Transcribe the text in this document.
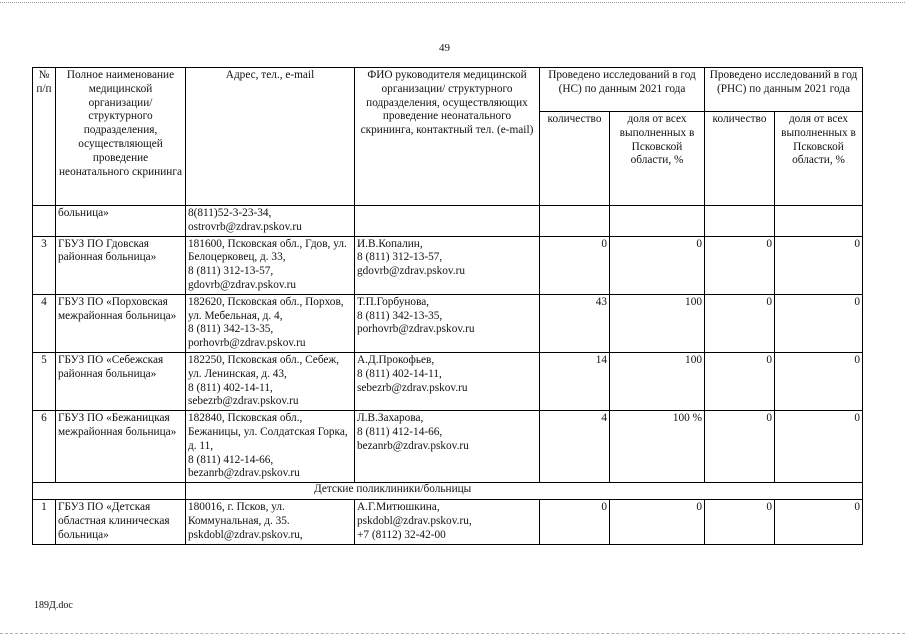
49
№ п/п	Полное наименование медицинской организации/ структурного подразделения, осуществляющей проведение неонатального скрининга	Адрес, тел., e-mail	ФИО руководителя медицинской организации/ структурного подразделения, осуществляющих проведение неонатального скрининга, контактный тел. (e-mail)	Проведено исследований в год (НС) по данным 2021 года		Проведено исследований в год (РНС) по данным 2021 года	
				количество	доля от всех выполненных в Псковской области, %	количество	доля от всех выполненных в Псковской области, %
	больница»	8(811)52-3-23-34,
ostrovrb@zdrav.pskov.ru					

3	ГБУЗ ПО Гдовская районная больница»	181600, Псковская обл., Гдов, ул. Белоцерковец, д. 33,
8 (811) 312-13-57,
gdovrb@zdrav.pskov.ru	И.В.Копалин,
8 (811) 312-13-57,
gdovrb@zdrav.pskov.ru	0	0	0	0
4	ГБУЗ ПО «Порховская межрайонная больница»	182620, Псковская обл., Порхов, ул. Мебельная, д. 4,
8 (811) 342-13-35,
porhovrb@zdrav.pskov.ru	Т.П.Горбунова,
8 (811) 342-13-35,
porhovrb@zdrav.pskov.ru	43	100	0	0
5	ГБУЗ ПО «Себежская районная больница»	182250, Псковская обл., Себеж, ул. Ленинская, д. 43,
8 (811) 402-14-11,
sebezrb@zdrav.pskov.ru	А.Д.Прокофьев,
8 (811) 402-14-11,
sebezrb@zdrav.pskov.ru	14	100	0	0
6	ГБУЗ ПО «Бежаницкая межрайонная больница»	182840, Псковская обл., Бежаницы, ул. Солдатская Горка, д. 11,
8 (811) 412-14-66,
bezanrb@zdrav.pskov.ru	Л.В.Захарова,
8 (811) 412-14-66,
bezanrb@zdrav.pskov.ru	4	100 %	0	0
		Детские поликлиники/больницы					
1	ГБУЗ ПО «Детская областная клиническая больница»	180016, г. Псков, ул. Коммунальная, д. 35.
pskdobl@zdrav.pskov.ru,	А.Г.Митюшкина,
pskdobl@zdrav.pskov.ru,
+7 (8112) 32-42-00	0	0	0	0
189Д.doc
